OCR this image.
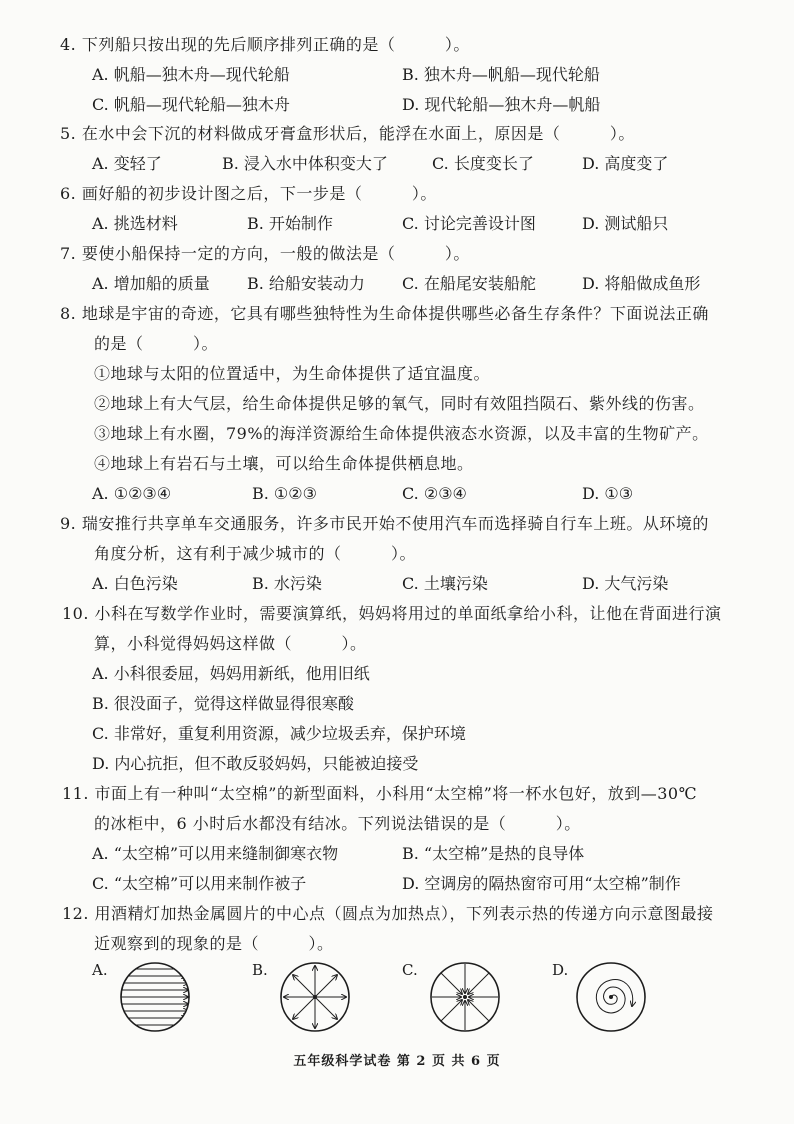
4. 下列船只按出现的先后顺序排列正确的是（　　　）。
A. 帆船—独木舟—现代轮船	B. 独木舟—帆船—现代轮船
C. 帆船—现代轮船—独木舟	D. 现代轮船—独木舟—帆船
5. 在水中会下沉的材料做成牙膏盒形状后，能浮在水面上，原因是（　　　）。
A. 变轻了	B. 浸入水中体积变大了	C. 长度变长了	D. 高度变了
6. 画好船的初步设计图之后，下一步是（　　　）。
A. 挑选材料	B. 开始制作	C. 讨论完善设计图	D. 测试船只
7. 要使小船保持一定的方向，一般的做法是（　　　）。
A. 增加船的质量 B. 给船安装动力 C. 在船尾安装船舵	D. 将船做成鱼形
8. 地球是宇宙的奇迹，它具有哪些独特性为生命体提供哪些必备生存条件？下面说法正确
的是（　　　）。
①地球与太阳的位置适中，为生命体提供了适宜温度。
②地球上有大气层，给生命体提供足够的氧气，同时有效阻挡陨石、紫外线的伤害。
③地球上有水圈，79%的海洋资源给生命体提供液态水资源，以及丰富的生物矿产。
④地球上有岩石与土壤，可以给生命体提供栖息地。
A. ①②③④	B. ①②③	C. ②③④	D. ①③
9. 瑞安推行共享单车交通服务，许多市民开始不使用汽车而选择骑自行车上班。从环境的
角度分析，这有利于减少城市的（　　　）。
A. 白色污染	B. 水污染	C. 土壤污染	D. 大气污染
10. 小科在写数学作业时，需要演算纸，妈妈将用过的单面纸拿给小科，让他在背面进行演
算，小科觉得妈妈这样做（　　　）。
A. 小科很委屈，妈妈用新纸，他用旧纸
B. 很没面子，觉得这样做显得很寒酸
C. 非常好，重复利用资源，减少垃圾丢弃，保护环境
D. 内心抗拒，但不敢反驳妈妈，只能被迫接受
11. 市面上有一种叫“太空棉”的新型面料，小科用“太空棉”将一杯水包好，放到—30℃
的冰柜中，6 小时后水都没有结冰。下列说法错误的是（　　　）。
A. “太空棉”可以用来缝制御寒衣物	B. “太空棉”是热的良导体
C. “太空棉”可以用来制作被子	D. 空调房的隔热窗帘可用“太空棉”制作
12. 用酒精灯加热金属圆片的中心点（圆点为加热点），下列表示热的传递方向示意图最接
近观察到的现象的是（　　　）。
A.	B.	C.	D.
五年级科学试卷 第 2 页 共 6 页
